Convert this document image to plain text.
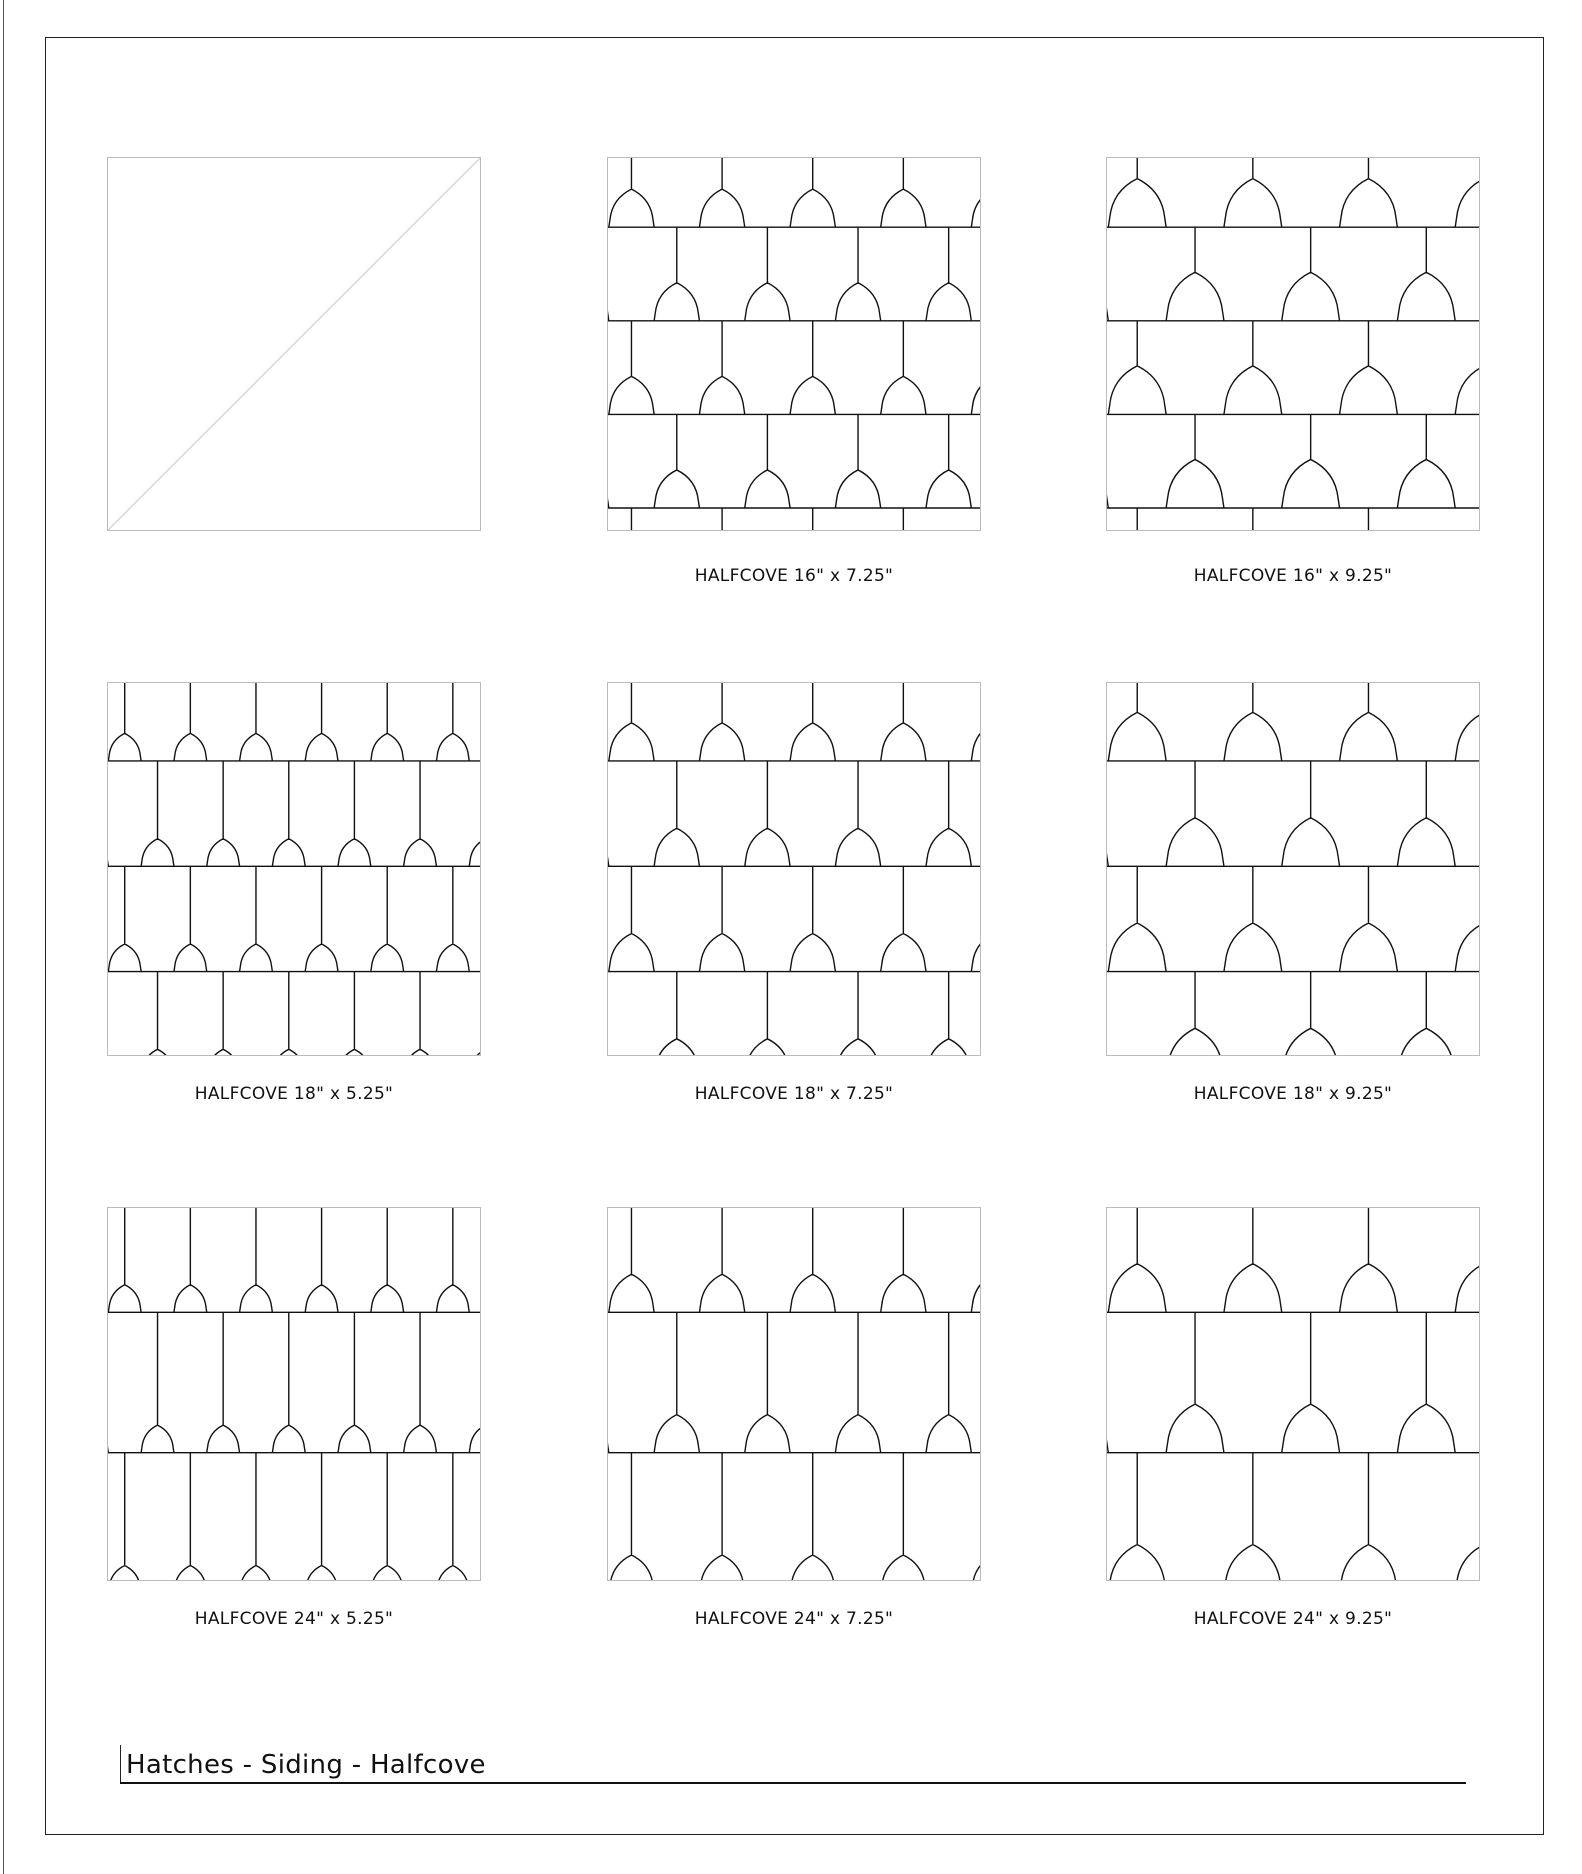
HALFCOVE 16" x 7.25"	HALFCOVE 16" x 9.25"
HALFCOVE 18" x 5.25"	HALFCOVE 18" x 7.25"	HALFCOVE 18" x 9.25"
HALFCOVE 24" x 5.25"	HALFCOVE 24" x 7.25"	HALFCOVE 24" x 9.25"
Hatches - Siding - Halfcove
